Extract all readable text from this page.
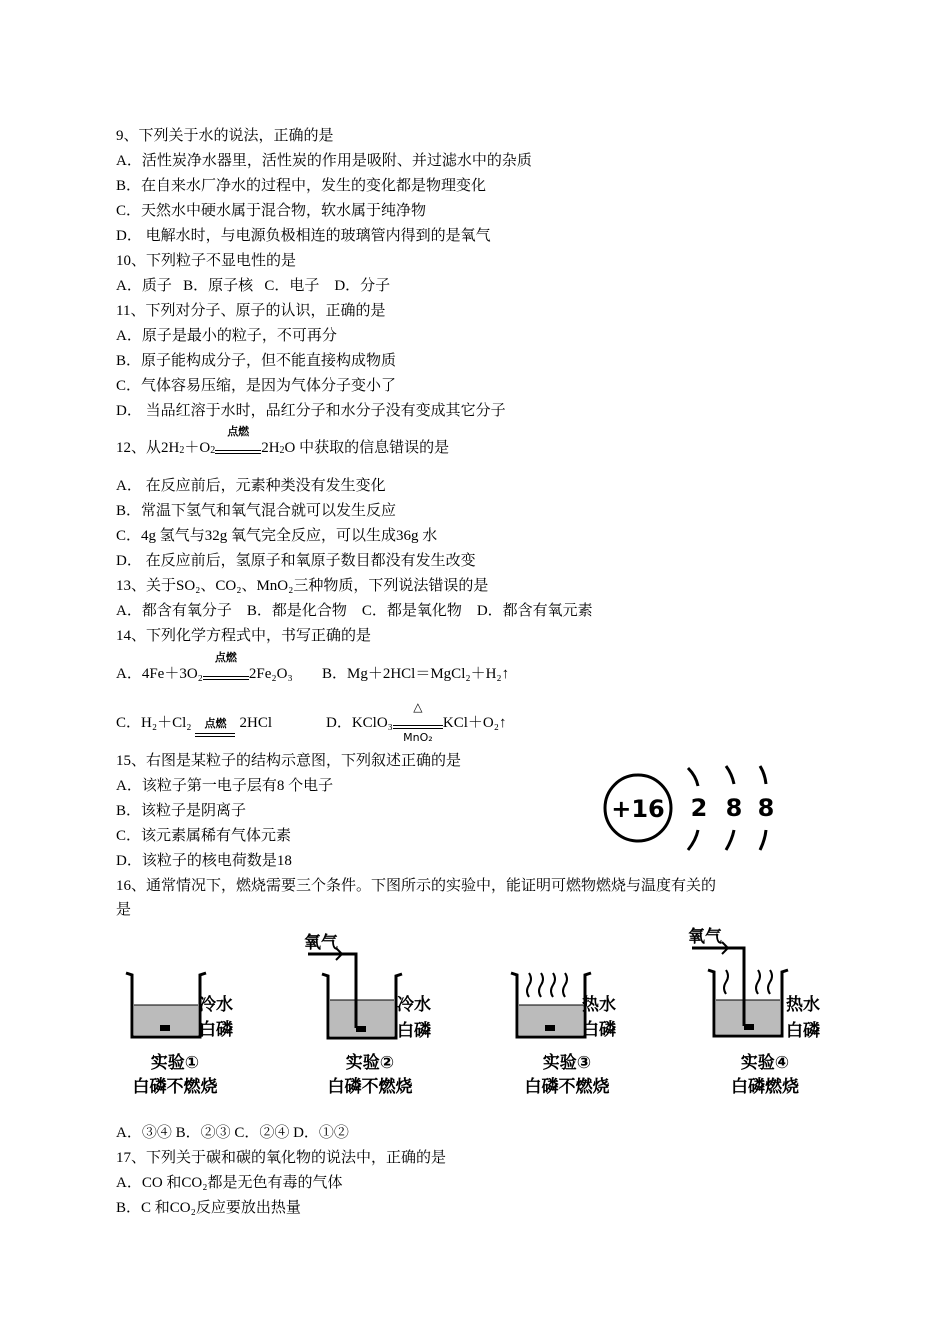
9、下列关于水的说法，正确的是
A．活性炭净水器里，活性炭的作用是吸附、并过滤水中的杂质
B．在自来水厂净水的过程中，发生的变化都是物理变化
C．天然水中硬水属于混合物，软水属于纯净物
D． 电解水时，与电源负极相连的玻璃管内得到的是氧气
10、下列粒子不显电性的是
A．质子   B．原子核   C．电子    D．分子
11、下列对分子、原子的认识，正确的是
A．原子是最小的粒子，不可再分
B．原子能构成分子，但不能直接构成物质
C．气体容易压缩，是因为气体分子变小了
D． 当品红溶于水时，品红分子和水分子没有变成其它分子
12、从2H2＋O2
点燃
2H2O 中获取的信息错误的是
A． 在反应前后，元素种类没有发生变化
B．常温下氢气和氧气混合就可以发生反应
C．4g 氢气与32g 氧气完全反应，可以生成36g 水
D． 在反应前后，氢原子和氧原子数目都没有发生改变
13、关于SO₂、CO₂、MnO₂三种物质，下列说法错误的是
A．都含有氧分子    B．都是化合物    C．都是氧化物    D．都含有氧元素
14、下列化学方程式中，书写正确的是
A．4Fe＋3O₂
点燃
2Fe₂O₃ B．Mg＋2HCl＝MgCl₂＋H₂↑
C．H₂＋Cl₂	点燃 2HCl	D．KClO₃
△
MnO₂
KCl＋O₂↑
15、右图是某粒子的结构示意图，下列叙述正确的是
A．该粒子第一电子层有8 个电子
B．该粒子是阴离子
C．该元素属稀有气体元素
D．该粒子的核电荷数是18
+16 2 8 8
16、通常情况下，燃烧需要三个条件。下图所示的实验中，能证明可燃物燃烧与温度有关的
是
冷水
白磷
实验①
白磷不燃烧
氧气
冷水
白磷
实验②
白磷不燃烧
热水
白磷
实验③
白磷不燃烧
氧气
热水
白磷
实验④
白磷燃烧
A．③④ B．②③ C．②④ D．①②
17、下列关于碳和碳的氧化物的说法中，正确的是
A．CO 和CO₂都是无色有毒的气体
B．C 和CO₂反应要放出热量
